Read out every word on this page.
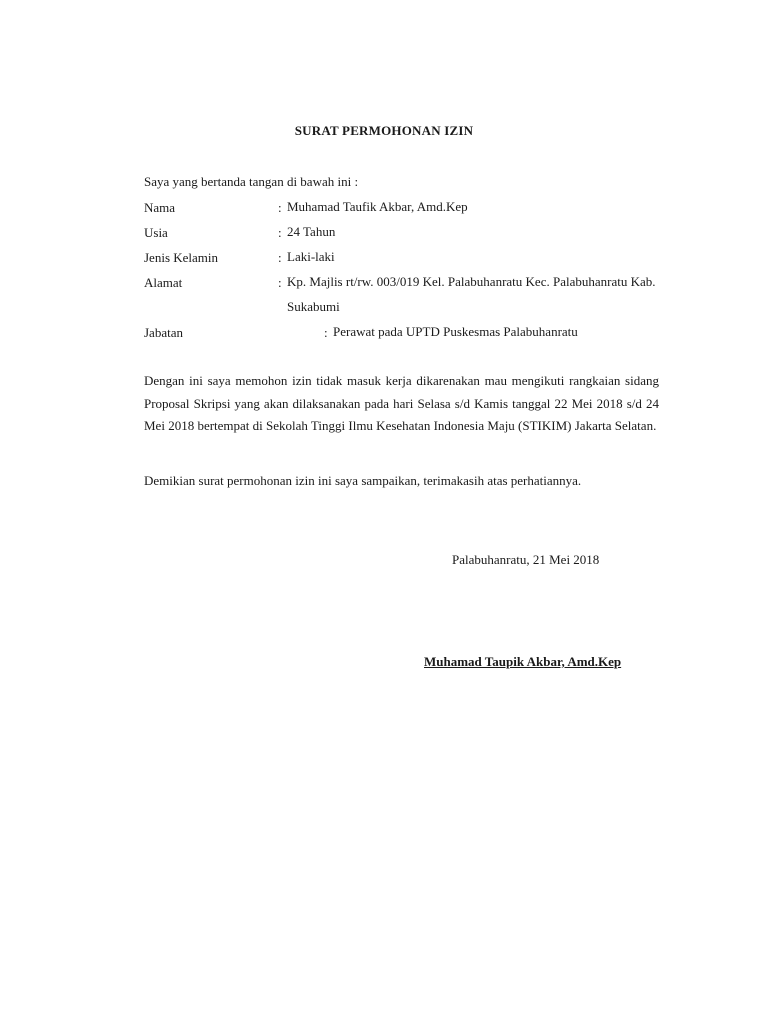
SURAT PERMOHONAN IZIN
Saya yang bertanda tangan di bawah ini :
Nama	: Muhamad Taufik Akbar, Amd.Kep
Usia	: 24 Tahun
Jenis Kelamin	: Laki-laki
Alamat	: Kp. Majlis rt/rw. 003/019 Kel. Palabuhanratu Kec. Palabuhanratu Kab. Sukabumi
Jabatan	: Perawat pada UPTD Puskesmas Palabuhanratu
Dengan ini saya memohon izin tidak masuk kerja dikarenakan mau mengikuti rangkaian sidang Proposal Skripsi yang akan dilaksanakan pada hari Selasa s/d Kamis tanggal 22 Mei 2018 s/d 24 Mei 2018 bertempat di Sekolah Tinggi Ilmu Kesehatan Indonesia Maju (STIKIM) Jakarta Selatan.
Demikian surat permohonan izin ini saya sampaikan, terimakasih atas perhatiannya.
Palabuhanratu, 21 Mei 2018
Muhamad Taupik Akbar, Amd.Kep
